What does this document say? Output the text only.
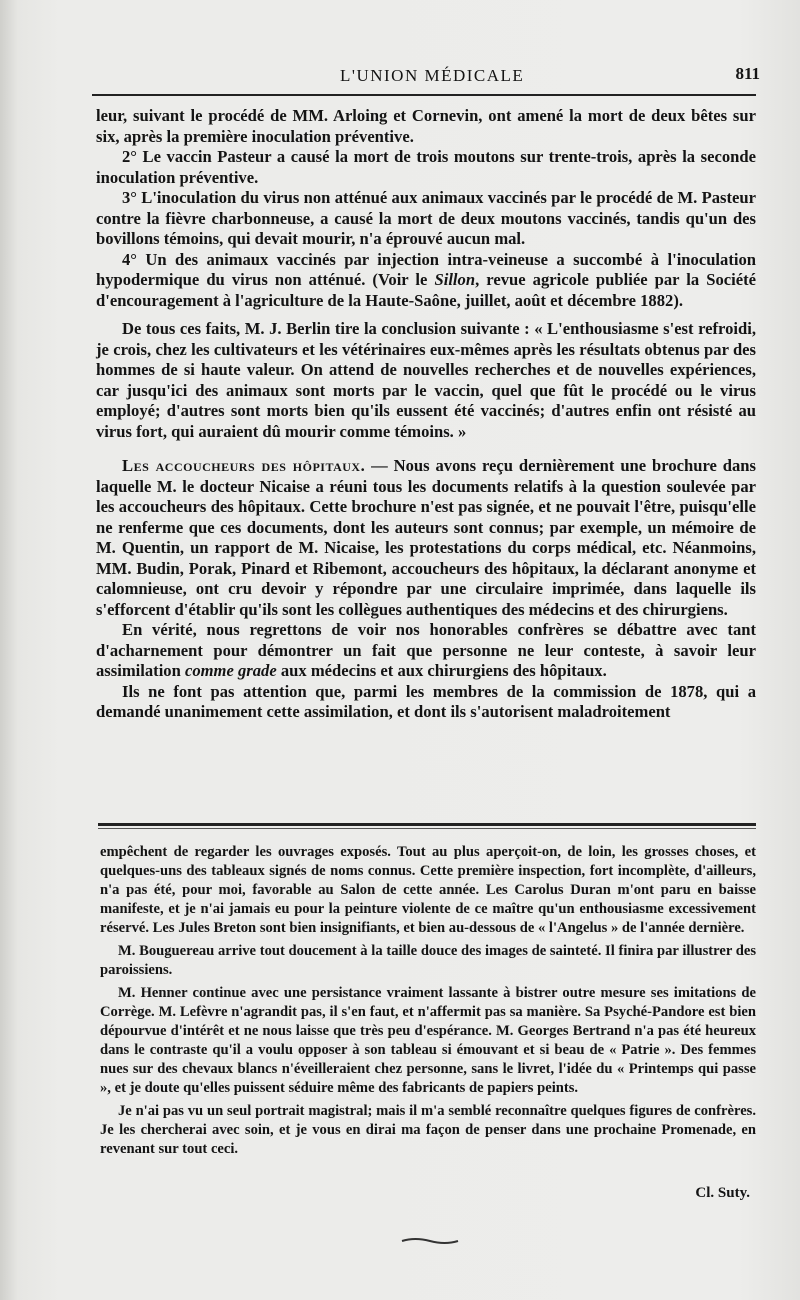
L'UNION MÉDICALE	811

leur, suivant le procédé de MM. Arloing et Cornevin, ont amené la mort de deux bêtes sur six, après la première inoculation préventive.

2° Le vaccin Pasteur a causé la mort de trois moutons sur trente-trois, après la seconde inoculation préventive.

3° L'inoculation du virus non atténué aux animaux vaccinés par le procédé de M. Pasteur contre la fièvre charbonneuse, a causé la mort de deux moutons vaccinés, tandis qu'un des bovillons témoins, qui devait mourir, n'a éprouvé aucun mal.

4° Un des animaux vaccinés par injection intra-veineuse a succombé à l'inoculation hypodermique du virus non atténué. (Voir le Sillon, revue agricole publiée par la Société d'encouragement à l'agriculture de la Haute-Saône, juillet, août et décembre 1882).

De tous ces faits, M. J. Berlin tire la conclusion suivante : « L'enthousiasme s'est refroidi, je crois, chez les cultivateurs et les vétérinaires eux-mêmes après les résultats obtenus par des hommes de si haute valeur. On attend de nouvelles recherches et de nouvelles expériences, car jusqu'ici des animaux sont morts par le vaccin, quel que fût le procédé ou le virus employé; d'autres sont morts bien qu'ils eussent été vaccinés; d'autres enfin ont résisté au virus fort, qui auraient dû mourir comme témoins. »

Les accoucheurs des hôpitaux. — Nous avons reçu dernièrement une brochure dans laquelle M. le docteur Nicaise a réuni tous les documents relatifs à la question soulevée par les accoucheurs des hôpitaux. Cette brochure n'est pas signée, et ne pouvait l'être, puisqu'elle ne renferme que ces documents, dont les auteurs sont connus; par exemple, un mémoire de M. Quentin, un rapport de M. Nicaise, les protestations du corps médical, etc. Néanmoins, MM. Budin, Porak, Pinard et Ribemont, accoucheurs des hôpitaux, la déclarant anonyme et calomnieuse, ont cru devoir y répondre par une circulaire imprimée, dans laquelle ils s'efforcent d'établir qu'ils sont les collègues authentiques des médecins et des chirurgiens.

En vérité, nous regrettons de voir nos honorables confrères se débattre avec tant d'acharnement pour démontrer un fait que personne ne leur conteste, à savoir leur assimilation comme grade aux médecins et aux chirurgiens des hôpitaux.

Ils ne font pas attention que, parmi les membres de la commission de 1878, qui a demandé unanimement cette assimilation, et dont ils s'autorisent maladroitement

empêchent de regarder les ouvrages exposés. Tout au plus aperçoit-on, de loin, les grosses choses, et quelques-uns des tableaux signés de noms connus. Cette première inspection, fort incomplète, d'ailleurs, n'a pas été, pour moi, favorable au Salon de cette année. Les Carolus Duran m'ont paru en baisse manifeste, et je n'ai jamais eu pour la peinture violente de ce maître qu'un enthousiasme excessivement réservé. Les Jules Breton sont bien insignifiants, et bien au-dessous de « l'Angelus » de l'année dernière.

M. Bouguereau arrive tout doucement à la taille douce des images de sainteté. Il finira par illustrer des paroissiens.

M. Henner continue avec une persistance vraiment lassante à bistrer outre mesure ses imitations de Corrège. M. Lefèvre n'agrandit pas, il s'en faut, et n'affermit pas sa manière. Sa Psyché-Pandore est bien dépourvue d'intérêt et ne nous laisse que très peu d'espérance. M. Georges Bertrand n'a pas été heureux dans le contraste qu'il a voulu opposer à son tableau si émouvant et si beau de « Patrie ». Des femmes nues sur des chevaux blancs n'éveilleraient chez personne, sans le livret, l'idée du « Printemps qui passe », et je doute qu'elles puissent séduire même des fabricants de papiers peints.

Je n'ai pas vu un seul portrait magistral; mais il m'a semblé reconnaître quelques figures de confrères. Je les chercherai avec soin, et je vous en dirai ma façon de penser dans une prochaine Promenade, en revenant sur tout ceci.

Cl. Suty.
